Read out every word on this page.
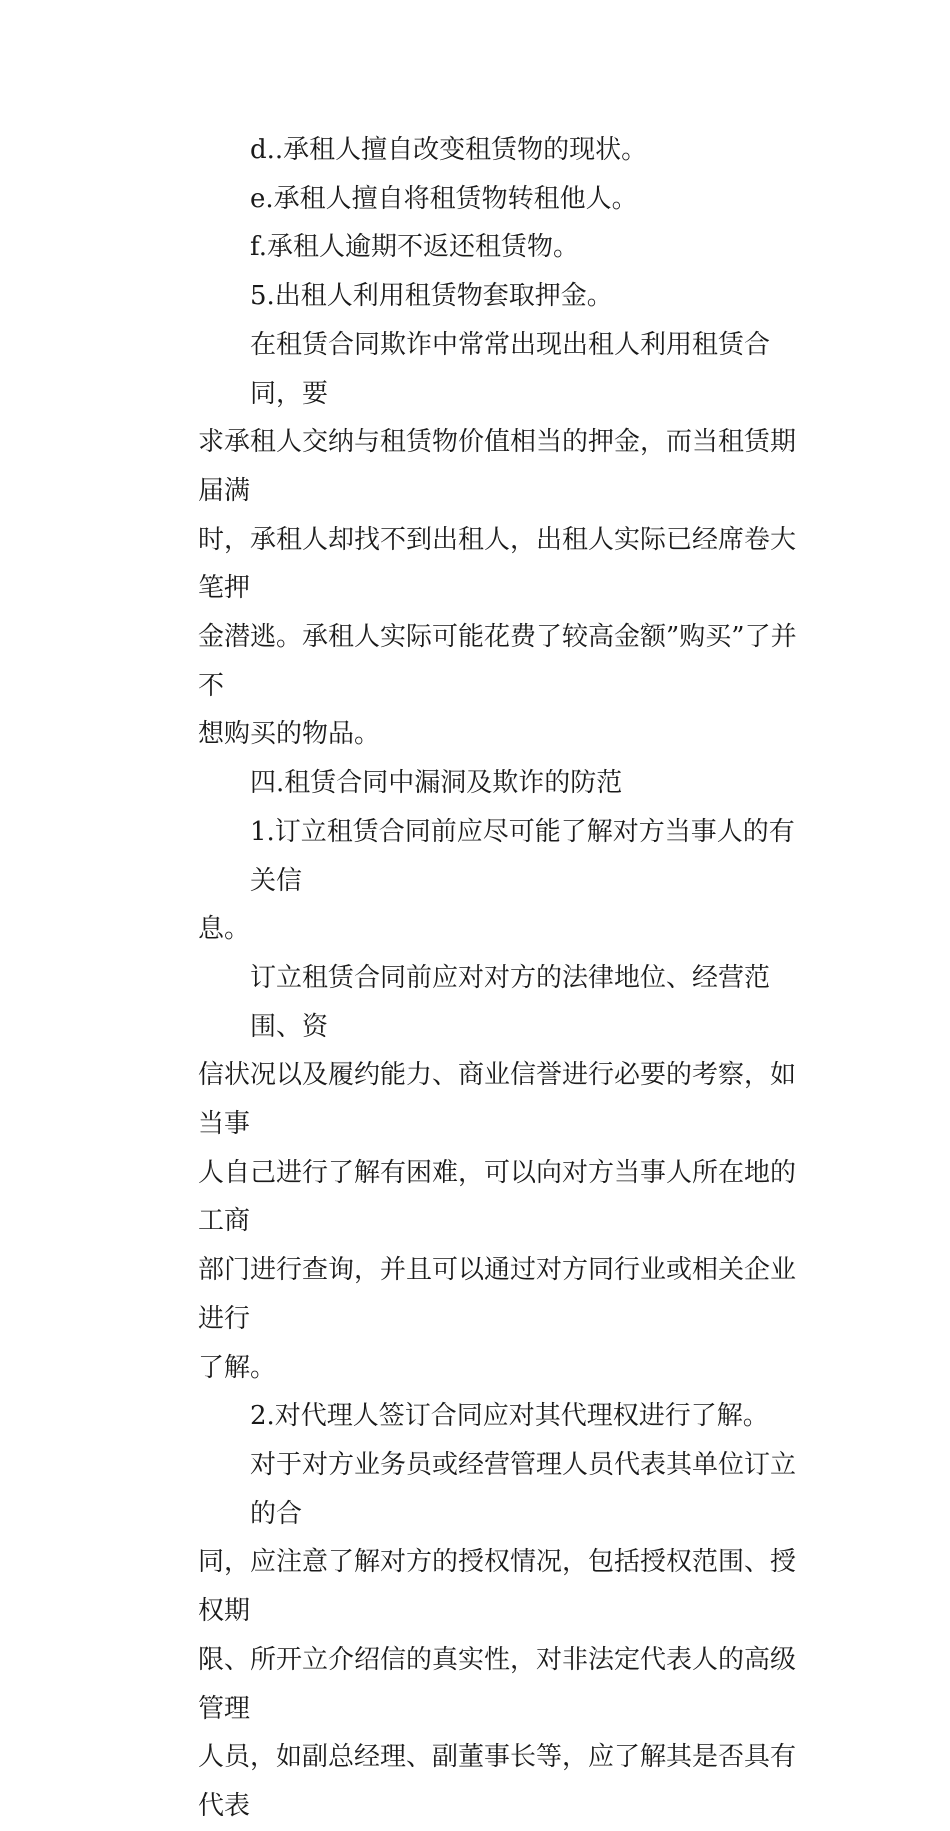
d..承租人擅自改变租赁物的现状。

e.承租人擅自将租赁物转租他人。

f.承租人逾期不返还租赁物。

5.出租人利用租赁物套取押金。

在租赁合同欺诈中常常出现出租人利用租赁合同，要
求承租人交纳与租赁物价值相当的押金，而当租赁期届满
时，承租人却找不到出租人，出租人实际已经席卷大笔押
金潜逃。承租人实际可能花费了较高金额”购买”了并不
想购买的物品。

四.租赁合同中漏洞及欺诈的防范

1.订立租赁合同前应尽可能了解对方当事人的有关信
息。

订立租赁合同前应对对方的法律地位、经营范围、资
信状况以及履约能力、商业信誉进行必要的考察，如当事
人自己进行了解有困难，可以向对方当事人所在地的工商
部门进行查询，并且可以通过对方同行业或相关企业进行
了解。

2.对代理人签订合同应对其代理权进行了解。

对于对方业务员或经营管理人员代表其单位订立的合
同，应注意了解对方的授权情况，包括授权范围、授权期
限、所开立介绍信的真实性，对非法定代表人的高级管理
人员，如副总经理、副董事长等，应了解其是否具有代表
